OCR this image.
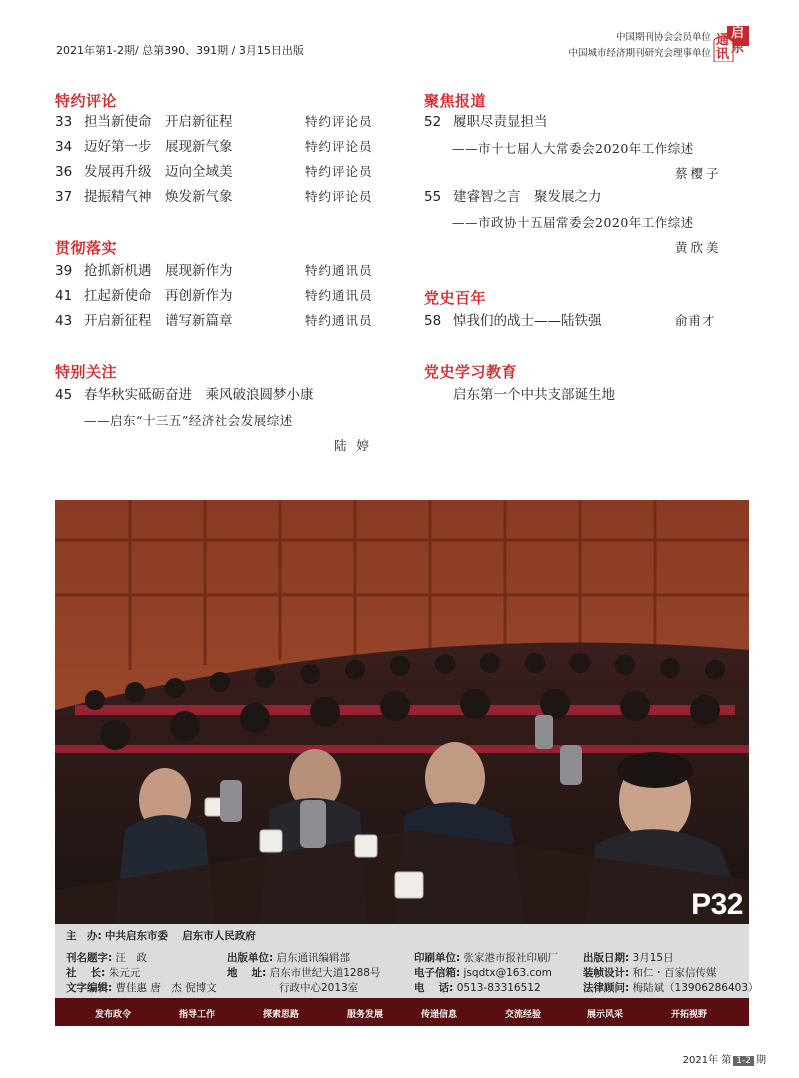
2021年第1-2期/ 总第390、391期 / 3月15日出版
中国期刊协会会员单位
中国城市经济期刊研究会理事单位
启
东
通
讯
特约评论
33 担当新使命　开启新征程	特约评论员
34 迈好第一步　展现新气象	特约评论员
36 发展再升级　迈向全域美	特约评论员
37 提振精气神　焕发新气象	特约评论员
贯彻落实
39 抢抓新机遇　展现新作为	特约通讯员
41 扛起新使命　再创新作为	特约通讯员
43 开启新征程　谱写新篇章	特约通讯员
特别关注
45 春华秋实砥砺奋进　乘风破浪圆梦小康
——启东“十三五”经济社会发展综述
陆 婷
聚焦报道
52 履职尽责显担当
——市十七届人大常委会2020年工作综述
蔡樱子
55 建睿智之言　聚发展之力
——市政协十五届常委会2020年工作综述
黄欣美
党史百年
58 悼我们的战士——陆铁强	俞甫才
党史学习教育
启东第一个中共支部诞生地
P32
主　办: 中共启东市委　 启东市人民政府
刊名题字: 汪　政
社　 长: 朱元元
文字编辑: 曹佳惠 唐　杰 倪博文
出版单位: 启东通讯编辑部
地　 址: 启东市世纪大道1288号
行政中心2013室
印刷单位: 张家港市报社印刷厂
电子信箱: jsqdtx@163.com
电　 话: 0513-83316512
出版日期: 3月15日
装帧设计: 和仁・百家信传媒
法律顾问: 梅陆斌（13906286403）
发布政令	指导工作	探索思路	服务发展	传递信息	交流经验	展示风采	开拓视野
2021年 第 1-2 期
